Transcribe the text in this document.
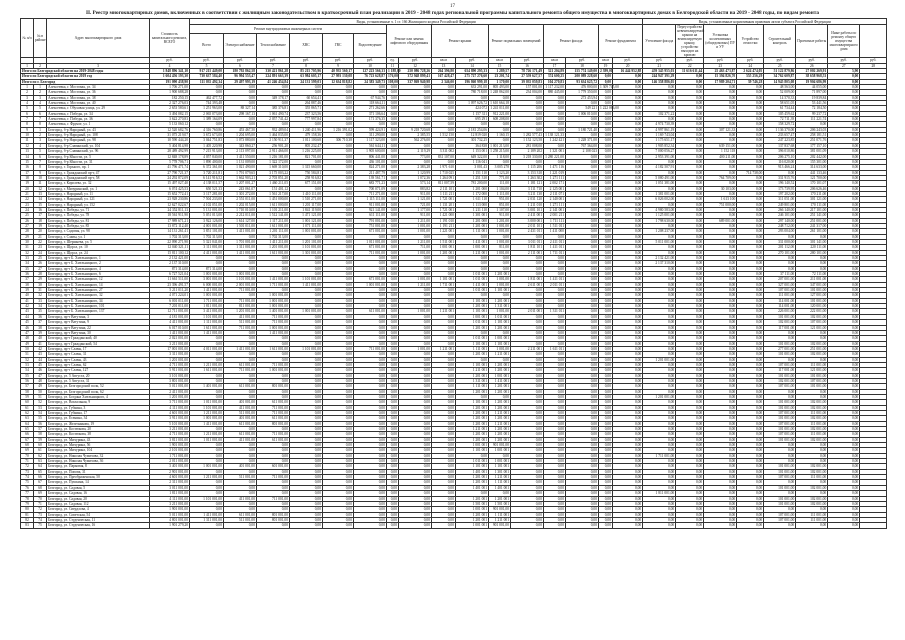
17
II. Реестр многоквартирных домов, включенных в соответствии с жилищным законодательством в краткосрочный план реализации в 2019 - 2048 годах региональной программы капитального ремонта общего имущества в многоквартирных домах в Белгородской области на 2019 - 2048 годы, по видам ремонта
№ п/п	№ в районе	Адрес многоквартирного дома	Стоимость капитального ремонта, ВСЕГО	Виды, установленные ч. 1 ст. 166 Жилищного кодекса Российской Федерации																Виды, установленные нормативным правовым актом субъекта Российской Федерации							
				Ремонт внутридомовых инженерных систем						Ремонт или замена лифтового оборудования		Ремонт крыши		Ремонт подвальных помещений		Ремонт фасада		Ремонт фундамента		Утепление фасада	Переустройство невентилируемой крыши на вентилируемую крышу, устройство выходов на кровлю	Установка коллективных (общедомовых) ПУ и УУ	Устройство отмостки	Строительный контроль	Проектные работы	Иные работы по ремонту общего имущества многоквартирного дома	
				Всего	Электроснабжение	Теплоснабжение	ХВС	ГВС	Водоотведение																		
			руб.	руб.	руб.	руб.	руб.	руб.	руб.	ед.	руб.	кв.м	руб.	кв.м	руб.	кв.м	руб.	кв.м	руб.	руб.	руб.	руб.	руб.	руб.	руб.	руб.	руб.
1	2	3	4	5	6	7	8	9	10	11	12	13	14	15	16	17	18	19	20	21	22	23	24	25	26	27	28
Итого по Белгородской области на 2019-2048 годы			1 848 896 341,10	917 215 449,00	180 792 862,58	330 421 861,28	85 215 705,96	40 935 560,17	127 223 566,33	1 188,00	250 086 728,26	264 396,80	654 890 295,33	1 289,57	78 726 171,49	321 204,89	155 774 149,00	2 399,00	16 444 952,88	459 345 955,03	11 616 611,44	25 463 473,87	2 624 474,05	51 122 879,86	27 002 269,91	5,90	
Итого по Белгородской области на 2019 год			1 604 456 193,30	730 637 584,40	96 994 553,47	224 891 663,39	63 984 605,17	27 993 130,08	76 723 628,87	176,00	372 948 899,41	167 428,47	275 727 276,60	23 201,74	27 559 627,57	374 600,25	200 089 228,60	0,00	0,00	244 947 391,29	0,00	15 394 826,70	555 256,29	34 762 609,87	38 658 968,53	0,00	
Итого по г. Белгород			191 090 438,90	111 035 492,34	29 497 993,19	41 246 454,84	24 131 599,03	12 634 818,82	24 383 349,73	108,00	337 869 940,98	2 346,00	196 860 999,18	1 170,00	39 035 059,83	104 270,83	93 634 625,72	0,00	0,00	146 358 886,05	0,00	17 989 204,71	39 746,28	14 945 805,08	19 904 686,99	0,00	
1	1	Алексеевка, г. Мостовая, ул. 34	1 706 271,00	0,00	0,00	0,00	0,00	0,00	0,00	0,00	0,00	0,00	633 291,00	805 493,00	157 001,00	1 117 232,00	476 800,00	1 309 745,00	0,00	0,00	0,00	0,00	0,00	48 563,00	44 055,00	0,00	
2	2	Алексеевка, г. Мостовая, ул. 36	1 900 688,28	0,00	0,00	0,00	0,00	0,00	0,00	0,00	0,00	0,00	780 718,00	1 248 862,00	234 004,00	880 445,00	1 779 350,00	0,00	0,00	0,00	0,00	0,00	0,00	52 009,00	71 897,00	0,00	
3	3	Алексеевка, г. Мостовая, ул. 38	182 250,15	462 477,72	0,00	349 178,17	60 654,41	0,00	67 944,76	0,00	0,00	0,00	0,00	0,00	0,00	0,00	273 453,94	0,00	0,00	0,00	0,00	0,00	0,00	14 570,33	19 839,84	0,00	
4	4	Алексеевка, г. Мостовая, ул. 40	2 327 276,03	744 393,48	0,00	0,00	264 887,46	0,00	118 664,11	0,00	0,00	0,00	1 097 626,72	1 610 664,18	0,00	0,00	0,00	0,00	0,00	0,00	0,00	0,00	0,00	58 651,05	53 441,56	0,00	
5	5	Алексеевка, г. Обуховая улица, ул. 29	2 653 580,61	1 251 963,00	88 327,14	385 376,81	355 865,71	0,00	271 262,66	0,00	0,00	0,00	424 072	1 241 011,00	0,00	0,00	549 221	1 222 066,00	0,00	0,00	0,00	0,00	0,00	61 734,44	72 184,50	0,00	
6	6	Алексеевка, г. Победы, ул. 34	3 494 082,15	2 065 073,00	298 167,13	1 061 490,74	237 323,56	0,00	371 106,64	0,00	0,00	0,00	1 157 311	912 221,00	0,00	0,00	1 006 010,00	0,00	0,00	102 371,22	0,00	0,00	0,00	105 459,62	99 237,72	0,00	
7	7	Алексеевка, г. Победы, ул. 36	3 622 270,83	1 389 164,09	0,00	2 057 741,42	777 997,84	0,00	171 376,35	0,00	0,00	0,00	695 291	608 208,00	0,00	0,00	0,00	0,00	0,00	0,00	0,00	0,00	0,00	72 711,39	111 221,74	0,00	
8	8	Алексеевка, г. Фрунзе, ул. 1	5 133 060,12	0,00	0,00	0,00	0,00	0,00	0,00	0,00	0,00	0,00	0,00	0,00	0,00	0,00	0,00	0,00	0,00	4 974 730,39	0,00	0,00	0,00	158 329,72	0,00	0,00	
9	1	Белгород, б-р Народный, ул. 43	12 520 682,76	4 316 760,86	453 467,50	932 489,04	1 240 411,96	1 216 391,02	599 424,91	8,00	9 218 720,68	0,00	2 181 254,06	0,00	0,00	0,00	1 180 721,40	0,00	0,00	4 997 861,19	0,00	307 121,33	0,00	1 136 370,00	206 243,03	0,00	
10	2	Белгород, б-р Народный, ул. 108	31 075 219,07	3 672 673,00	1 204 695,00	1 464 035,00	479 158,36	0,00	311 290,00	0,00	2 385,55	1 512 150	12 819 020	1 160,15	1 282 577,43	1 138 121,33	0,00	0,00	0,00	1 169 743,04	0,00	0,00	0,00	233 657,47	258 181,51	0,00	
11	3	Белгород, б-р Народный, ул. 98	10 590 444,20	3 044 751,83	1 073 880,00	2 150 911,37	1 011 100,68	306 710,38	1 117 323,00	0,00	562 276,00	0,00	301 732,25	0,00	1 152 123,58	1 242 421	1 228 371,00	0,00	0,00	1 175 651,17	0,00	0,00	0,00	247 223,85	251 071,76	0,00	
12	4	Белгород, б-р Славянский, ул. 104	5 404 814,98	1 405 220,98	343 860,27	256 901,20	805 232,47	0,00	561 644,11	0,00	0,00	0,00	364 838	1 001 213,00	281 008,00	0,00	767 364,00	0,00	0,00	1 905 852,34	0,00	639 151,00	0,00	137 837,68	177 157,10	0,00	
13	5	Белгород, б-р Славянский, ул. 96	28 489 492,99	7 215 913,00	2 113 097,00	2 911 466,00	1 216 225,00	0,00	1 905 600,00	0,00	2 119,29	3 311 002	1 153 001	1 258 215,00	2 189 202	1 321 001	2 108 023	0,00	0,00	7 000 056,27	0,00	1 152 118	0,00	396 010,86	381 001,09	0,00	
14	6	Белгород, б-р Юности, ул. 5	12 848 178,89	4 057 840,00	1 411 550,00	1 216 181,00	821 701,00	0,00	806 441,00	0,00	773,00	831 107,00	649 322,00	1 118,00	3 218 330,00	1 280 221,00	0,00	0,00	0,00	2 953 391,00	0,00	400 211,00	0,00	206 275,10	202 442,00	0,00	
15	7	Белгород, б-р Юности, ул. 31	5 778 706,71	1 890 400,00	1 131 009,00	1 322 172,00	0,00	0,00	436 101,00	0,00	0,00	0,00	1 116 041	0,00	0,00	0,00	0,00	0,00	0,00	0,00	0,00	0,00	0,00	116 020,00	155 301,00	0,00	
16	8	Белгород, г. Горького, пр. 1	41 796 471,74	6 372 361,00	1 021 490,00	1 669 310,00	1 315 660,00	0,00	824 271,00	0,00	2 383,28	1 971 610	3 001,43	3 005 278	1 115 206	1 471 116	0,00	0,00	0,00	4 182 507,91	0,00	0,00	0,00	913 466,24	314 633,00	0,00	
17	9	Белгород, г. Гражданский пр-т, 47	27 790 721,37	3 720 211,81	1 791 079,65	3 175 003,22	750 584,81	0,00	211 487,79	0,00	1 120,99	1 710 025	1 151 110	1 123,20	3 153 310	1 221 019	0,00	0,00	0,00	0,00	0,00	0,00	714 738,00	0,00	441 133,46	0,00	
18	10	Белгород, г. Гражданский пр-т, 58	24 292 872,09	6 141 916,52	1 662 903,21	2 703 851,20	258 916,82	0,00	139 561,71	0,00	1 072,36	1 264 091	1 251 310	771,00	1 263 302	1 271 111	0,00	0,00	0,00	5 080 491,00	0,00	764 709,00	0,00	331 915,76	121 700,00	0,00	
19	11	Белгород, г. Королева, ул. 32	15 497 027,40	4 138 011,57	1 207 001,27	1 460 211,05	677 151,00	0,00	683 771,23	0,00	573,14	811 007,59	781 200,00	111,00	1 181 121	2 002 171	0,00	0,00	0,00	1 051 381,00	0,00	0,00	0,00	196 140,52	170 101,07	0,00	
20	12	Белгород, г. Мичуринский, ул. 1	6 074 425,53	650 521,33	243 061,07	151 401,12	0,00	0,00	700 071,09	0,00	883,82	2 111 101	1 201 000	1 104,00	3 111 710	2 125 001	0,00	0,00	0,00	0,00	0,00	30 103,00	0,00	173 739,95	206 626,46	0,00	
21	13	Белгород, г. Народный, ул. 11	15 652 772,41	3 117 281,00	1 301 272,00	1 561 217,00	1 410 111,00	0,00	711 271,00	0,00	911,00	1 111 211	1 172 000	1 111,00	3 211 130	2 111 071	0,00	0,00	0,00	1 381 001,00	0,00	0,00	0,00	197 202,00	170 211,00	0,00	
22	14	Белгород, г. Народный, ул. 121	23 928 230,86	7 504 233,00	2 551 011,00	1 451 000,00	1 510 271,00	0,00	1 115 111,00	0,00	1 121,00	1 721 001	1 611 110	951,00	2 031 120	2 140 001	0,00	0,00	0,00	6 026 002,00	0,00	1 613 100	0,00	311 051,00	301 121,00	0,00	
23	15	Белгород, г. Народный, ул. 152	12 627 022,67	4 102 051,00	1 202 015,00	1 611 000,00	1 201 117,00	0,00	911 001,00	0,00	721,00	1 131 201	1 113 000	851,00	1 211 010	1 271 111	0,00	0,00	0,00	0,00	0,00	751 000,00	0,00	249 801,00	170 111,00	0,00	
24	16	Белгород, г. Победы, ул. 71	24 352 811,13	5 131 001,00	1 710 010,00	1 101 211,00	1 841 119,00	0,00	921 141,00	0,00	1 177,00	1 721 001	1 211 110	1 107,00	3 001 101	2 141 001	0,00	0,00	0,00	4 980 583,00	0,00	0,00	0,00	266 140,00	217 101,00	0,00	
25	17	Белгород, г. Победы, ул. 78	18 561 911,90	5 051 013,00	2 212 011,00	1 512 141,00	1 471 121,00	0,00	611 111,00	0,00	911,00	1 421 000	1 301 001	911,00	2 411 001	2 001 211	0,00	0,00	0,00	1 125 001,00	0,00	0,00	0,00	246 101,00	251 141,00	0,00	
26	18	Белгород, г. Победы, ул. 81	17 989 671,21	3 922 126,00	1 614 127,00	1 117 211,00	1 001 121,00	0,00	791 001,00	0,00	1 211,00	1 191 010	1 201 000	1 201,00	3 000 001	1 711 111	0,00	0,00	0,00	1 798 630,00	0,00	689 001,00	0,00	297 140,00	251 001,00	0,00	
27	19	Белгород, г. Победы, ул. 85	13 872 112,40	4 001 001,00	1 501 011,00	1 611 001,00	1 071 111,00	0,00	751 001,00	0,00	1 001,00	1 191 211	1 201 001	1 001,00	2 011 101	1 511 011	0,00	0,00	0,00	0,00	0,00	0,00	0,00	248 712,00	241 317,00	0,00	
28	20	Белгород, г. Садовая, ул. 98	14 131 261,41	3 851 101,00	1 411 001,00	1 201 111,00	1 001 001,00	0,00	671 001,00	0,00	1 001,00	1 221 001	1 111 001	1 001,00	2 431 011	1 411 000	0,00	0,00	0,00	1 208 237,00	0,00	0,00	0,00	293 004,00	261 101,00	0,00	
29	21	Белгород, г. Славы, ул. 1	1 702 313,00	1 702 313,00	0,00	1 702 313,00	0,00	0,00	0,00	0,00	0,00	0,00	0,00	0,00	0,00	0,00	0,00	0,00	0,00	0,00	0,00	0,00	0,00	0,00	0,00	0,00	
30	22	Белгород, г. Шершнева, ул. 5	22 090 271,90	5 321 041,00	1 701 001,00	1 411 211,00	1 201 101,00	0,00	1 011 001,00	0,00	1 211,00	1 511 001	1 411 001	1 001,00	3 011 011	2 411 011	0,00	0,00	0,00	5 011 001,00	0,00	0,00	0,00	331 000,00	301 141,00	0,00	
31	23	Белгород, г. Щорса, ул. 10	12 040 321,11	3 111 001,00	1 311 001,00	1 201 001,00	1 101 001,00	0,00	671 001,00	0,00	711,00	1 001 001	1 001 001	811,00	1 811 101	1 411 011	0,00	0,00	0,00	0,00	0,00	0,00	0,00	201 112,00	220 111,00	0,00	
32	24	Белгород, г. Щорса, ул. 24	15 811 100,12	4 411 001,00	1 411 001,00	1 611 001,00	1 301 001,00	0,00	711 001,00	0,00	1 001,00	1 201 001	1 211 001	1 001,00	2 111 001	1 711 011	0,00	0,00	0,00	0,00	0,00	0,00	0,00	270 101,00	280 101,00	0,00	
33	25	Белгород, пр-т Б. Хмельницкого, 1	2 132 421,00	0,00	0,00	0,00	0,00	0,00	0,00	0,00	0,00	0,00	0,00	0,00	0,00	0,00	0,00	0,00	0,00	2 132 421,00	0,00	0,00	0,00	0,00	0,00	0,00	
34	26	Белгород, пр-т Б. Хмельницкого, 2	2 137 310,00	0,00	0,00	0,00	0,00	0,00	0,00	0,00	0,00	0,00	0,00	0,00	0,00	0,00	0,00	0,00	0,00	2 137 310,00	0,00	0,00	0,00	0,00	0,00	0,00	
35	27	Белгород, пр-т Б. Хмельницкого, 4	871 314,00	871 314,00	0,00	0,00	0,00	0,00	0,00	0,00	0,00	0,00	0,00	0,00	0,00	0,00	0,00	0,00	0,00	0,00	0,00	0,00	0,00	0,00	0,00	0,00	
36	28	Белгород, пр-т Б. Хмельницкого, 6	6 727 521,04	1 001 001,00	1 001 001,00	0,00	0,00	0,00	0,00	0,00	0,00	0,00	1 011 001	1 201 001	0,00	0,00	0,00	0,00	0,00	0,00	0,00	0,00	0,00	37 111,00	72 111,00	0,00	
37	29	Белгород, пр-т Б. Хмельницкого, 12	11 661 511,00	3 001 001,00	1 101 001,00	1 411 001,00	1 101 001,00	0,00	671 001,00	0,00	1 001,00	1 101 001	1 011 001	1 001,00	1 811 001	1 411 011	0,00	0,00	0,00	0,00	0,00	0,00	0,00	207 001,00	211 001,00	0,00	
38	30	Белгород, пр-т Б. Хмельницкого, 14	23 396 491,57	6 000 001,00	2 001 001,00	1 711 001,00	1 411 001,00	0,00	1 001 001,00	0,00	1 211,00	1 711 001	1 411 001	1 001,00	2 611 001	2 011 011	0,00	0,00	0,00	0,00	0,00	0,00	0,00	327 001,00	347 001,00	0,00	
39	31	Белгород, пр-т Б. Хмельницкого, 27	5 211 011,20	1 411 001,00	711 001,00	0,00	0,00	0,00	0,00	0,00	0,00	0,00	1 011 001	1 101 001	0,00	0,00	0,00	0,00	0,00	0,00	0,00	0,00	0,00	107 001,00	101 001,00	0,00	
40	32	Белгород, пр-т Б. Хмельницкого, 32	4 071 224,01	1 001 001,00	0,00	1 001 001,00	0,00	0,00	0,00	0,00	0,00	0,00	0,00	0,00	0,00	0,00	0,00	0,00	0,00	0,00	0,00	0,00	0,00	111 001,00	127 001,00	0,00	
41	33	Белгород, пр-т Б. Хмельницкого, 34	6 001 011,00	1 711 001,00	711 001,00	1 001 001,00	0,00	0,00	0,00	0,00	0,00	0,00	1 101 001	1 201 001	0,00	0,00	0,00	0,00	0,00	0,00	0,00	0,00	0,00	114 001,00	101 001,00	0,00	
42	34	Белгород, пр-т Б. Хмельницкого, 101	7 201 011,00	1 811 001,00	811 001,00	1 001 001,00	0,00	0,00	0,00	0,00	0,00	0,00	1 201 001	1 311 001	0,00	0,00	0,00	0,00	0,00	0,00	0,00	0,00	0,00	114 001,00	120 001,00	0,00	
43	35	Белгород, пр-т Б. Хмельницкого, 137	12 711 001,00	3 411 001,00	1 201 001,00	1 401 001,00	1 001 001,00	0,00	611 001,00	0,00	1 001,00	1 211 001	1 101 001	1 001,00	2 011 001	1 311 011	0,00	0,00	0,00	0,00	0,00	0,00	0,00	226 001,00	222 001,00	0,00	
44	36	Белгород, пр-т Ватутина, 3	4 181 001,00	1 101 001,00	411 001,00	711 001,00	0,00	0,00	0,00	0,00	0,00	0,00	1 001 001	1 011 001	0,00	0,00	0,00	0,00	0,00	0,00	0,00	0,00	0,00	101 001,00	102 001,00	0,00	
45	37	Белгород, пр-т Ватутина, 9	4 411 001,00	1 111 001,00	511 001,00	711 001,00	0,00	0,00	0,00	0,00	0,00	0,00	1 011 001	1 101 001	0,00	0,00	0,00	0,00	0,00	0,00	0,00	0,00	0,00	102 001,00	107 001,00	0,00	
46	38	Белгород, пр-т Ватутина, 22	6 017 010,00	1 611 001,00	711 001,00	1 001 001,00	0,00	0,00	0,00	0,00	0,00	0,00	1 201 001	1 201 001	0,00	0,00	0,00	0,00	0,00	0,00	0,00	0,00	0,00	117 001,00	121 001,00	0,00	
47	39	Белгород, пр-т Ватутина, 30	1 411 001,00	1 411 001,00	0,00	1 411 001,00	0,00	0,00	0,00	0,00	0,00	0,00	0,00	0,00	0,00	0,00	0,00	0,00	0,00	0,00	0,00	0,00	0,00	0,00	0,00	0,00	
48	40	Белгород, пр-т Гражданский, 40	2 021 001,00	0,00	0,00	0,00	0,00	0,00	0,00	0,00	0,00	0,00	1 011 001	1 001 001	0,00	0,00	0,00	0,00	0,00	0,00	0,00	0,00	0,00	0,00	0,00	0,00	
49	41	Белгород, пр-т Гражданский, 54	3 211 001,00	0,00	0,00	0,00	0,00	0,00	0,00	0,00	0,00	0,00	1 101 001	1 101 001	0,00	0,00	0,00	0,00	0,00	0,00	0,00	0,00	0,00	101 001,00	102 001,00	0,00	
50	42	Белгород, пр-т Славы, 17	17 001 001,00	4 011 001,00	1 411 001,00	1 611 001,00	1 101 001,00	0,00	711 001,00	0,00	1 001,00	1 211 001	1 111 001	1 001,00	2 211 001	1 611 011	0,00	0,00	0,00	0,00	0,00	0,00	0,00	277 001,00	251 001,00	0,00	
51	43	Белгород, пр-т Славы, 31	3 311 001,00	0,00	0,00	0,00	0,00	0,00	0,00	0,00	0,00	0,00	1 201 001	1 211 001	0,00	0,00	0,00	0,00	0,00	0,00	0,00	0,00	0,00	101 001,00	102 001,00	0,00	
52	44	Белгород, пр-т Славы, 43	1 201 001,00	0,00	0,00	0,00	0,00	0,00	0,00	0,00	0,00	0,00	0,00	0,00	0,00	0,00	0,00	0,00	0,00	1 201 001,00	0,00	0,00	0,00	0,00	0,00	0,00	
53	45	Белгород, пр-т Славы, 62	4 711 001,00	1 211 001,00	611 001,00	711 001,00	0,00	0,00	0,00	0,00	0,00	0,00	1 101 001	1 201 001	0,00	0,00	0,00	0,00	0,00	0,00	0,00	0,00	0,00	107 001,00	111 001,00	0,00	
54	46	Белгород, пр-т Славы, 127	5 911 001,00	1 611 001,00	711 001,00	1 001 001,00	0,00	0,00	0,00	0,00	0,00	0,00	1 211 001	1 201 001	0,00	0,00	0,00	0,00	0,00	0,00	0,00	0,00	0,00	117 001,00	121 001,00	0,00	
55	47	Белгород, ул. 5 Августа, 20	3 101 001,00	0,00	0,00	0,00	0,00	0,00	0,00	0,00	0,00	0,00	1 201 001	1 001 001	0,00	0,00	0,00	0,00	0,00	0,00	0,00	0,00	0,00	101 001,00	101 001,00	0,00	
56	48	Белгород, ул. 5 Августа, 31	3 801 001,00	0,00	0,00	0,00	0,00	0,00	0,00	0,00	0,00	0,00	1 311 001	1 411 001	0,00	0,00	0,00	0,00	0,00	0,00	0,00	0,00	0,00	102 001,00	107 001,00	0,00	
57	49	Белгород, ул. Белгородский полк, 52	5 011 001,00	1 401 001,00	611 001,00	801 001,00	0,00	0,00	0,00	0,00	0,00	0,00	1 111 001	1 201 001	0,00	0,00	0,00	0,00	0,00	0,00	0,00	0,00	0,00	107 001,00	101 001,00	0,00	
58	50	Белгород, ул. Белгородский полк, 62	2 411 001,00	0,00	0,00	0,00	0,00	0,00	0,00	0,00	0,00	0,00	1 201 001	1 201 001	0,00	0,00	0,00	0,00	0,00	0,00	0,00	0,00	0,00	0,00	0,00	0,00	
59	51	Белгород, ул. Богдана Хмельницкого, 4	1 201 001,00	0,00	0,00	0,00	0,00	0,00	0,00	0,00	0,00	0,00	0,00	0,00	0,00	0,00	0,00	0,00	0,00	1 201 001,00	0,00	0,00	0,00	0,00	0,00	0,00	
60	52	Белгород, ул. Вокзальная, 9	3 711 001,00	1 011 001,00	401 001,00	611 001,00	0,00	0,00	0,00	0,00	0,00	0,00	1 101 001	1 201 001	0,00	0,00	0,00	0,00	0,00	0,00	0,00	0,00	0,00	101 001,00	102 001,00	0,00	
61	53	Белгород, ул. Губкина, 3	4 111 001,00	1 101 001,00	411 001,00	711 001,00	0,00	0,00	0,00	0,00	0,00	0,00	1 201 001	1 201 001	0,00	0,00	0,00	0,00	0,00	0,00	0,00	0,00	0,00	101 001,00	102 001,00	0,00	
62	54	Белгород, ул. Губкина, 17	4 601 001,00	1 211 001,00	511 001,00	711 001,00	0,00	0,00	0,00	0,00	0,00	0,00	1 201 001	1 211 001	0,00	0,00	0,00	0,00	0,00	0,00	0,00	0,00	0,00	107 001,00	111 001,00	0,00	
63	55	Белгород, ул. Есенина, 34	3 911 001,00	1 001 001,00	401 001,00	611 001,00	0,00	0,00	0,00	0,00	0,00	0,00	1 201 001	1 201 001	0,00	0,00	0,00	0,00	0,00	0,00	0,00	0,00	0,00	101 001,00	102 001,00	0,00	
64	56	Белгород, ул. Железнякова, 19	5 101 001,00	1 411 001,00	611 001,00	801 001,00	0,00	0,00	0,00	0,00	0,00	0,00	1 201 001	1 211 001	0,00	0,00	0,00	0,00	0,00	0,00	0,00	0,00	0,00	107 001,00	111 001,00	0,00	
65	57	Белгород, ул. Костюкова, 20	3 211 001,00	0,00	0,00	0,00	0,00	0,00	0,00	0,00	0,00	0,00	1 211 001	1 201 001	0,00	0,00	0,00	0,00	0,00	0,00	0,00	0,00	0,00	101 001,00	102 001,00	0,00	
66	58	Белгород, ул. Костюкова, 38	4 711 001,00	1 211 001,00	611 001,00	711 001,00	0,00	0,00	0,00	0,00	0,00	0,00	1 201 001	1 201 001	0,00	0,00	0,00	0,00	0,00	0,00	0,00	0,00	0,00	107 001,00	111 001,00	0,00	
67	59	Белгород, ул. Мичурина, 43	3 811 001,00	1 011 001,00	411 001,00	611 001,00	0,00	0,00	0,00	0,00	0,00	0,00	1 201 001	1 201 001	0,00	0,00	0,00	0,00	0,00	0,00	0,00	0,00	0,00	101 001,00	102 001,00	0,00	
68	60	Белгород, ул. Мичурина, 56	1 901 001,00	0,00	0,00	0,00	0,00	0,00	0,00	0,00	0,00	0,00	1 001 001	901 001,00	0,00	0,00	0,00	0,00	0,00	0,00	0,00	0,00	0,00	0,00	0,00	0,00	
69	61	Белгород, ул. Мичурина, 104	2 101 001,00	0,00	0,00	0,00	0,00	0,00	0,00	0,00	0,00	0,00	1 101 001	1 001 001	0,00	0,00	0,00	0,00	0,00	0,00	0,00	0,00	0,00	0,00	0,00	0,00	
70	62	Белгород, ул. Николая Чумичова, 32	1 711 001,00	0,00	0,00	0,00	0,00	0,00	0,00	0,00	0,00	0,00	0,00	0,00	0,00	0,00	0,00	0,00	0,00	1 711 001,00	0,00	0,00	0,00	0,00	0,00	0,00	
71	63	Белгород, ул. Николая Чумичова, 36	2 011 001,00	0,00	0,00	0,00	0,00	0,00	0,00	0,00	0,00	0,00	1 011 001	1 001 001	0,00	0,00	0,00	0,00	0,00	0,00	0,00	0,00	0,00	0,00	0,00	0,00	
72	64	Белгород, ул. Парковая, 8	3 401 001,00	1 001 001,00	401 001,00	601 001,00	0,00	0,00	0,00	0,00	0,00	0,00	1 101 001	1 101 001	0,00	0,00	0,00	0,00	0,00	0,00	0,00	0,00	0,00	101 001,00	102 001,00	0,00	
73	65	Белгород, ул. Попова, 31	2 901 001,00	0,00	0,00	0,00	0,00	0,00	0,00	0,00	0,00	0,00	1 401 001	1 301 001	0,00	0,00	0,00	0,00	0,00	0,00	0,00	0,00	0,00	101 001,00	102 001,00	0,00	
74	66	Белгород, ул. Преображенская, 50	4 601 001,00	1 211 001,00	511 001,00	711 001,00	0,00	0,00	0,00	0,00	0,00	0,00	1 201 001	1 211 001	0,00	0,00	0,00	0,00	0,00	0,00	0,00	0,00	0,00	107 001,00	111 001,00	0,00	
75	67	Белгород, ул. Пушкина, 14	2 311 001,00	0,00	0,00	0,00	0,00	0,00	0,00	0,00	0,00	0,00	1 201 001	1 111 001	0,00	0,00	0,00	0,00	0,00	0,00	0,00	0,00	0,00	0,00	0,00	0,00	
76	68	Белгород, ул. Садовая, 5	3 011 001,00	0,00	0,00	0,00	0,00	0,00	0,00	0,00	0,00	0,00	1 401 001	1 401 001	0,00	0,00	0,00	0,00	0,00	0,00	0,00	0,00	0,00	101 001,00	102 001,00	0,00	
77	69	Белгород, ул. Садовая, 16	1 811 001,00	0,00	0,00	0,00	0,00	0,00	0,00	0,00	0,00	0,00	0,00	0,00	0,00	0,00	0,00	0,00	0,00	1 811 001,00	0,00	0,00	0,00	0,00	0,00	0,00	
78	70	Белгород, ул. Садовая, 20	4 111 001,00	1 101 001,00	411 001,00	711 001,00	0,00	0,00	0,00	0,00	0,00	0,00	1 201 001	1 201 001	0,00	0,00	0,00	0,00	0,00	0,00	0,00	0,00	0,00	101 001,00	102 001,00	0,00	
79	71	Белгород, ул. Садовая, 112	3 211 001,00	0,00	0,00	0,00	0,00	0,00	0,00	0,00	0,00	0,00	1 501 001	1 501 001	0,00	0,00	0,00	0,00	0,00	0,00	0,00	0,00	0,00	101 001,00	102 001,00	0,00	
80	72	Белгород, ул. Свердлова, 4	1 901 001,00	0,00	0,00	0,00	0,00	0,00	0,00	0,00	0,00	0,00	1 001 001	901 001,00	0,00	0,00	0,00	0,00	0,00	0,00	0,00	0,00	0,00	0,00	0,00	0,00	
81	73	Белгород, ул. Советская, 54	5 011 001,00	1 411 001,00	611 001,00	801 001,00	0,00	0,00	0,00	0,00	0,00	0,00	1 201 001	1 111 001	0,00	0,00	0,00	0,00	0,00	0,00	0,00	0,00	0,00	107 001,00	111 001,00	0,00	
82	74	Белгород, ул. Студенческая, 11	4 801 001,00	1 311 001,00	511 001,00	801 001,00	0,00	0,00	0,00	0,00	0,00	0,00	1 201 001	1 211 001	0,00	0,00	0,00	0,00	0,00	0,00	0,00	0,00	0,00	107 001,00	111 001,00	0,00	
83	75	Белгород, ул. Студенческая, 16	1 901 279,20	0,00	0,00	0,00	0,00	0,00	0,00	0,00	0,00	0,00	1 001 001	901 001,00	0,00	0,00	0,00	0,00	0,00	0,00	0,00	0,00	0,00	0,00	0,00	0,00	
